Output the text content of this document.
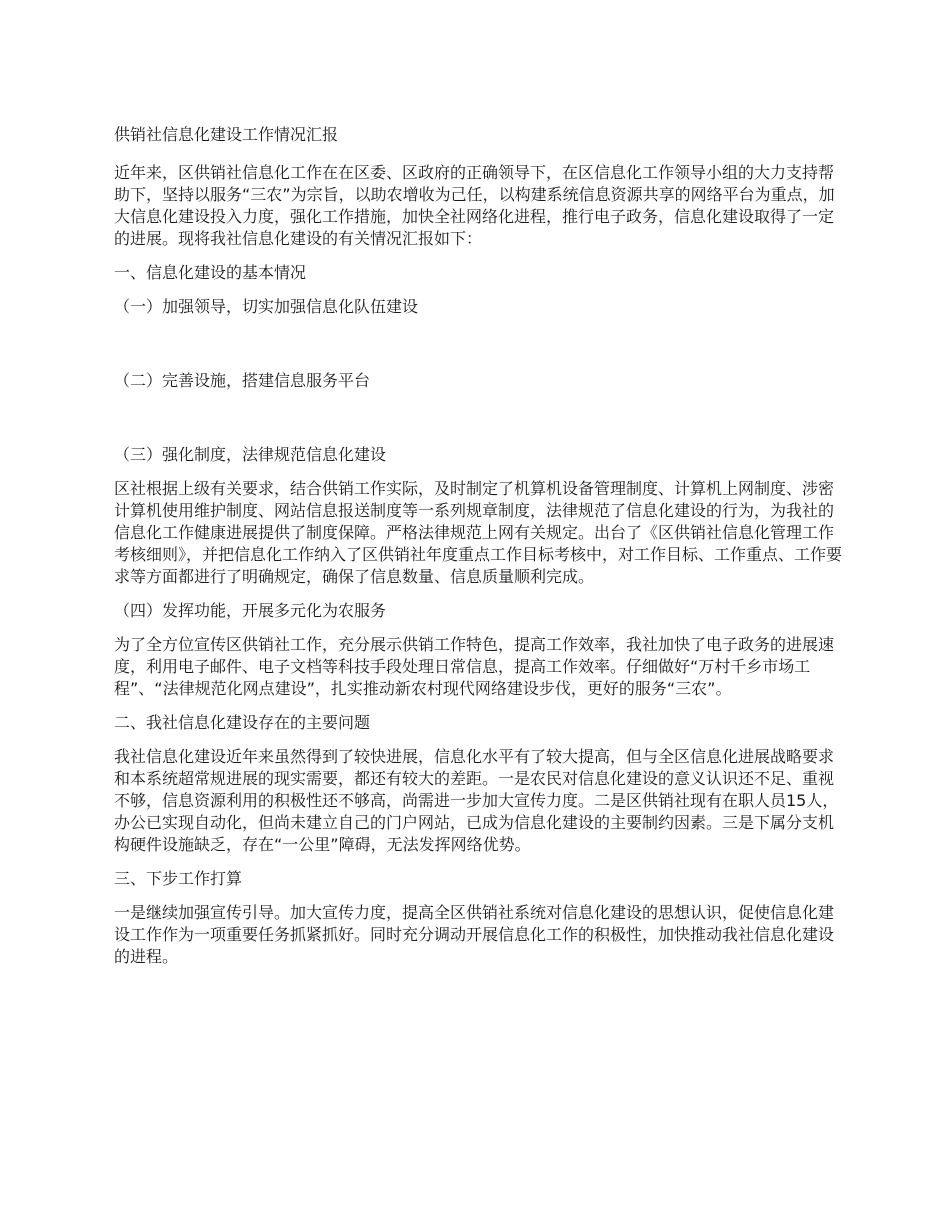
供销社信息化建设工作情况汇报

近年来，区供销社信息化工作在在区委、区政府的正确领导下，在区信息化工作领导小组的大力支持帮助下，坚持以服务“三农”为宗旨，以助农增收为己任，以构建系统信息资源共享的网络平台为重点，加大信息化建设投入力度，强化工作措施，加快全社网络化进程，推行电子政务，信息化建设取得了一定的进展。现将我社信息化建设的有关情况汇报如下：

一、信息化建设的基本情况

（一）加强领导，切实加强信息化队伍建设

（二）完善设施，搭建信息服务平台

（三）强化制度，法律规范信息化建设

区社根据上级有关要求，结合供销工作实际，及时制定了机算机设备管理制度、计算机上网制度、涉密计算机使用维护制度、网站信息报送制度等一系列规章制度，法律规范了信息化建设的行为，为我社的信息化工作健康进展提供了制度保障。严格法律规范上网有关规定。出台了《区供销社信息化管理工作考核细则》，并把信息化工作纳入了区供销社年度重点工作目标考核中，对工作目标、工作重点、工作要求等方面都进行了明确规定，确保了信息数量、信息质量顺利完成。

（四）发挥功能，开展多元化为农服务

为了全方位宣传区供销社工作，充分展示供销工作特色，提高工作效率，我社加快了电子政务的进展速度，利用电子邮件、电子文档等科技手段处理日常信息，提高工作效率。仔细做好“万村千乡市场工程”、“法律规范化网点建设”，扎实推动新农村现代网络建设步伐，更好的服务“三农”。

二、我社信息化建设存在的主要问题

我社信息化建设近年来虽然得到了较快进展，信息化水平有了较大提高，但与全区信息化进展战略要求和本系统超常规进展的现实需要，都还有较大的差距。一是农民对信息化建设的意义认识还不足、重视不够，信息资源利用的积极性还不够高，尚需进一步加大宣传力度。二是区供销社现有在职人员15人，办公已实现自动化，但尚未建立自己的门户网站，已成为信息化建设的主要制约因素。三是下属分支机构硬件设施缺乏，存在“一公里”障碍，无法发挥网络优势。

三、下步工作打算

一是继续加强宣传引导。加大宣传力度，提高全区供销社系统对信息化建设的思想认识，促使信息化建设工作作为一项重要任务抓紧抓好。同时充分调动开展信息化工作的积极性，加快推动我社信息化建设的进程。
